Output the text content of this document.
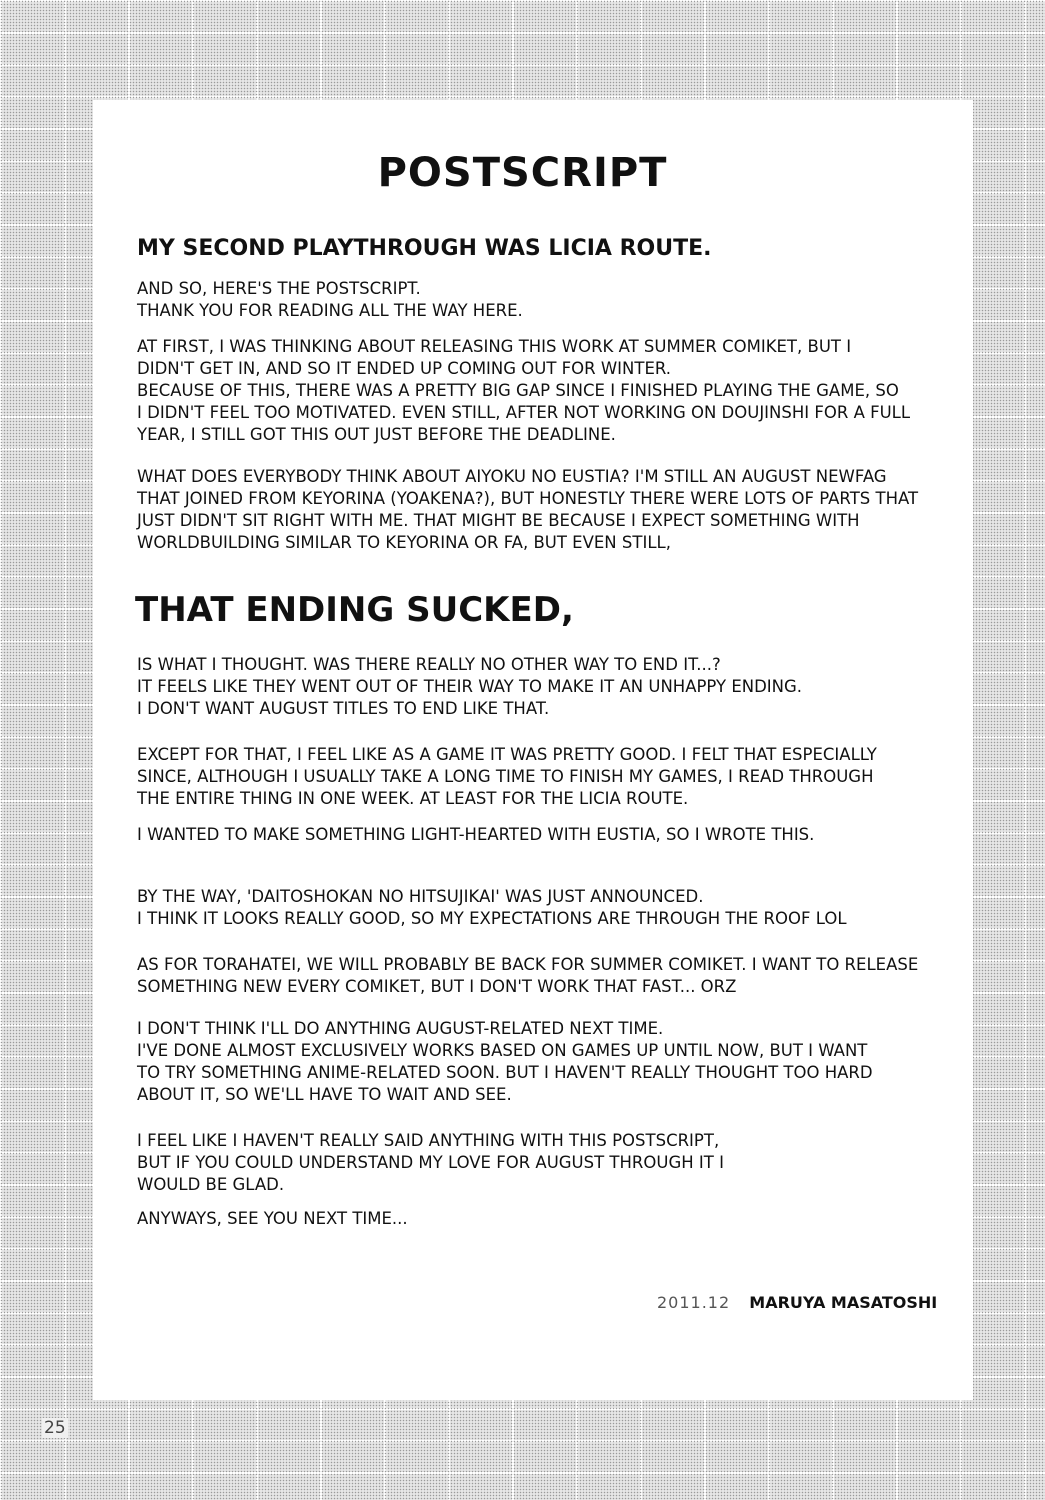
POSTSCRIPT
MY SECOND PLAYTHROUGH WAS LICIA ROUTE.
AND SO, HERE'S THE POSTSCRIPT.
THANK YOU FOR READING ALL THE WAY HERE.
AT FIRST, I WAS THINKING ABOUT RELEASING THIS WORK AT SUMMER COMIKET, BUT I
DIDN'T GET IN, AND SO IT ENDED UP COMING OUT FOR WINTER.
BECAUSE OF THIS, THERE WAS A PRETTY BIG GAP SINCE I FINISHED PLAYING THE GAME, SO
I DIDN'T FEEL TOO MOTIVATED. EVEN STILL, AFTER NOT WORKING ON DOUJINSHI FOR A FULL
YEAR, I STILL GOT THIS OUT JUST BEFORE THE DEADLINE.
WHAT DOES EVERYBODY THINK ABOUT AIYOKU NO EUSTIA? I'M STILL AN AUGUST NEWFAG
THAT JOINED FROM KEYORINA (YOAKENA?), BUT HONESTLY THERE WERE LOTS OF PARTS THAT
JUST DIDN'T SIT RIGHT WITH ME. THAT MIGHT BE BECAUSE I EXPECT SOMETHING WITH
WORLDBUILDING SIMILAR TO KEYORINA OR FA, BUT EVEN STILL,
THAT ENDING SUCKED,
IS WHAT I THOUGHT. WAS THERE REALLY NO OTHER WAY TO END IT...?
IT FEELS LIKE THEY WENT OUT OF THEIR WAY TO MAKE IT AN UNHAPPY ENDING.
I DON'T WANT AUGUST TITLES TO END LIKE THAT.
EXCEPT FOR THAT, I FEEL LIKE AS A GAME IT WAS PRETTY GOOD. I FELT THAT ESPECIALLY
SINCE, ALTHOUGH I USUALLY TAKE A LONG TIME TO FINISH MY GAMES, I READ THROUGH
THE ENTIRE THING IN ONE WEEK. AT LEAST FOR THE LICIA ROUTE.
I WANTED TO MAKE SOMETHING LIGHT-HEARTED WITH EUSTIA, SO I WROTE THIS.
BY THE WAY, 'DAITOSHOKAN NO HITSUJIKAI' WAS JUST ANNOUNCED.
I THINK IT LOOKS REALLY GOOD, SO MY EXPECTATIONS ARE THROUGH THE ROOF LOL
AS FOR TORAHATEI, WE WILL PROBABLY BE BACK FOR SUMMER COMIKET. I WANT TO RELEASE
SOMETHING NEW EVERY COMIKET, BUT I DON'T WORK THAT FAST... ORZ
I DON'T THINK I'LL DO ANYTHING AUGUST-RELATED NEXT TIME.
I'VE DONE ALMOST EXCLUSIVELY WORKS BASED ON GAMES UP UNTIL NOW, BUT I WANT
TO TRY SOMETHING ANIME-RELATED SOON. BUT I HAVEN'T REALLY THOUGHT TOO HARD
ABOUT IT, SO WE'LL HAVE TO WAIT AND SEE.
I FEEL LIKE I HAVEN'T REALLY SAID ANYTHING WITH THIS POSTSCRIPT,
BUT IF YOU COULD UNDERSTAND MY LOVE FOR AUGUST THROUGH IT I
WOULD BE GLAD.
ANYWAYS, SEE YOU NEXT TIME...
2011.12 MARUYA MASATOSHI
25
